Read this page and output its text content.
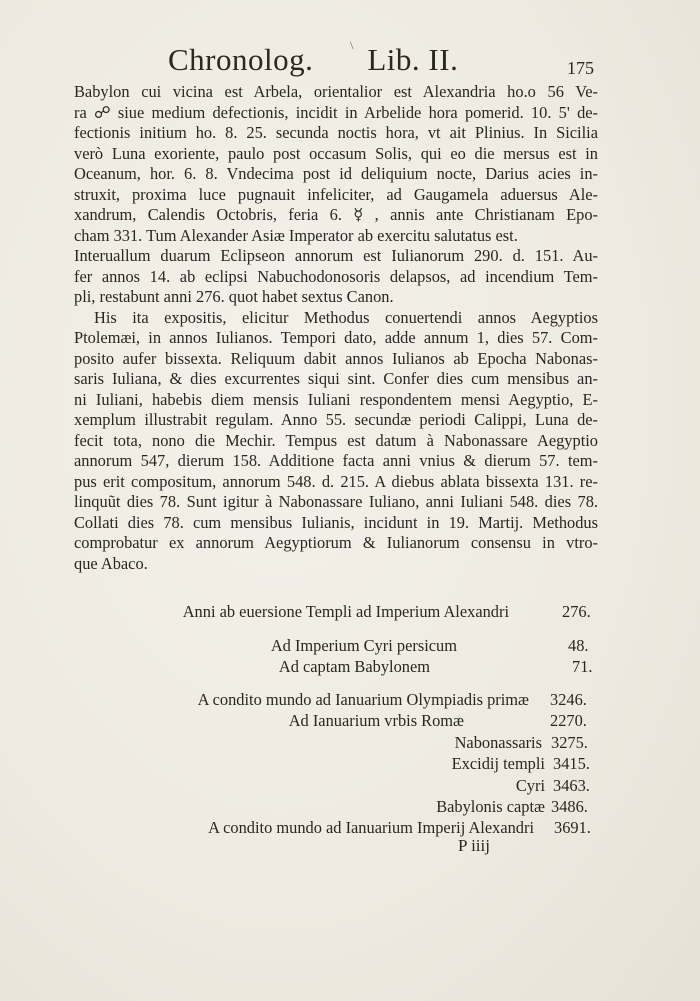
\
Chronolog. Lib. II.	175
Babylon cui vicina est Arbela, orientalior est Alexandria ho.o 56 Ve-
ra ☍ siue medium defectionis, incidit in Arbelide hora pomerid. 10. 5' de-
fectionis initium ho. 8. 25. secunda noctis hora, vt ait Plinius. In Sicilia
verò Luna exoriente, paulo post occasum Solis, qui eo die mersus est in
Oceanum, hor. 6. 8. Vndecima post id deliquium nocte, Darius acies in-
struxit, proxima luce pugnauit infeliciter, ad Gaugamela aduersus Ale-
xandrum, Calendis Octobris, feria 6. ☿ , annis ante Christianam Epo-
cham 331. Tum Alexander Asiæ Imperator ab exercitu salutatus est.
Interuallum duarum Eclipseon annorum est Iulianorum 290. d. 151. Au-
fer annos 14. ab eclipsi Nabuchodonosoris delapsos, ad incendium Tem-
pli, restabunt anni 276. quot habet sextus Canon.
His ita expositis, elicitur Methodus conuertendi annos Aegyptios
Ptolemæi, in annos Iulianos. Tempori dato, adde annum 1, dies 57. Com-
posito aufer bissexta. Reliquum dabit annos Iulianos ab Epocha Nabonas-
saris Iuliana, & dies excurrentes siqui sint. Confer dies cum mensibus an-
ni Iuliani, habebis diem mensis Iuliani respondentem mensi Aegyptio, E-
xemplum illustrabit regulam. Anno 55. secundæ periodi Calippi, Luna de-
fecit tota, nono die Mechir. Tempus est datum à Nabonassare Aegyptio
annorum 547, dierum 158. Additione facta anni vnius & dierum 57. tem-
pus erit compositum, annorum 548. d. 215. A diebus ablata bissexta 131. re-
linquũt dies 78. Sunt igitur à Nabonassare Iuliano, anni Iuliani 548. dies 78.
Collati dies 78. cum mensibus Iulianis, incidunt in 19. Martij. Methodus
comprobatur ex annorum Aegyptiorum & Iulianorum consensu in vtro-
que Abaco.
Anni ab euersione Templi ad Imperium Alexandri	276.
Ad Imperium Cyri persicum	48.
Ad captam Babylonem	71.
A condito mundo ad Ianuarium Olympiadis primæ 3246.
Ad Ianuarium vrbis Romæ	2270.
Nabonassaris 3275.
Excidij templi 3415.
Cyri 3463.
Babylonis captæ 3486.
A condito mundo ad Ianuarium Imperij Alexandri 3691.
P iiij
